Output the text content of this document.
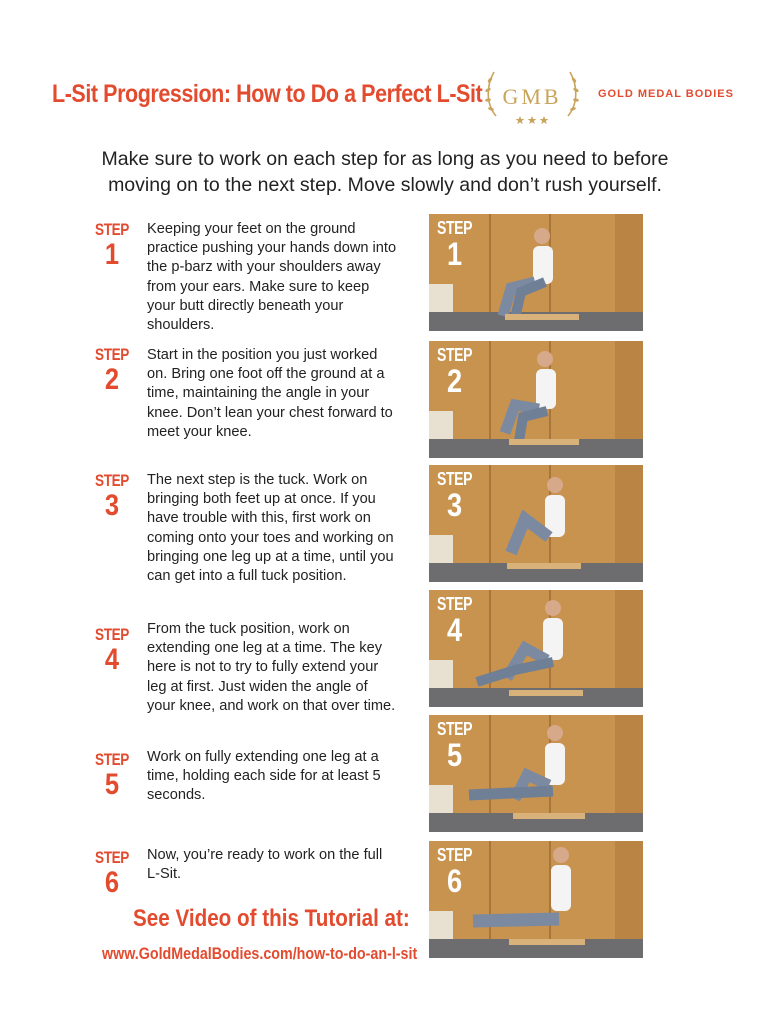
L-Sit Progression: How to Do a Perfect L-Sit GMB	GOLD MEDAL BODIES
Make sure to work on each step for as long as you need to before moving on to the next step. Move slowly and don’t rush yourself.
STEP
1
Keeping your feet on the ground practice pushing your hands down into the p-barz with your shoulders away from your ears. Make sure to keep your butt directly beneath your shoulders.
STEP
2
Start in the position you just worked on. Bring one foot off the ground at a time, maintaining the angle in your knee. Don’t lean your chest forward to meet your knee.
STEP
3
The next step is the tuck. Work on bringing both feet up at once. If you have trouble with this, first work on coming onto your toes and working on bringing one leg up at a time, until you can get into a full tuck position.
STEP
4
From the tuck position, work on extending one leg at a time. The key here is not to try to fully extend your leg at first. Just widen the angle of your knee, and work on that over time.
STEP
5
Work on fully extending one leg at a time, holding each side for at least 5 seconds.
STEP
6
Now, you’re ready to work on the full L-Sit.
STEP
1
STEP
2
STEP
3
STEP
4
STEP
5
STEP
6
See Video of this Tutorial at:
www.GoldMedalBodies.com/how-to-do-an-l-sit
